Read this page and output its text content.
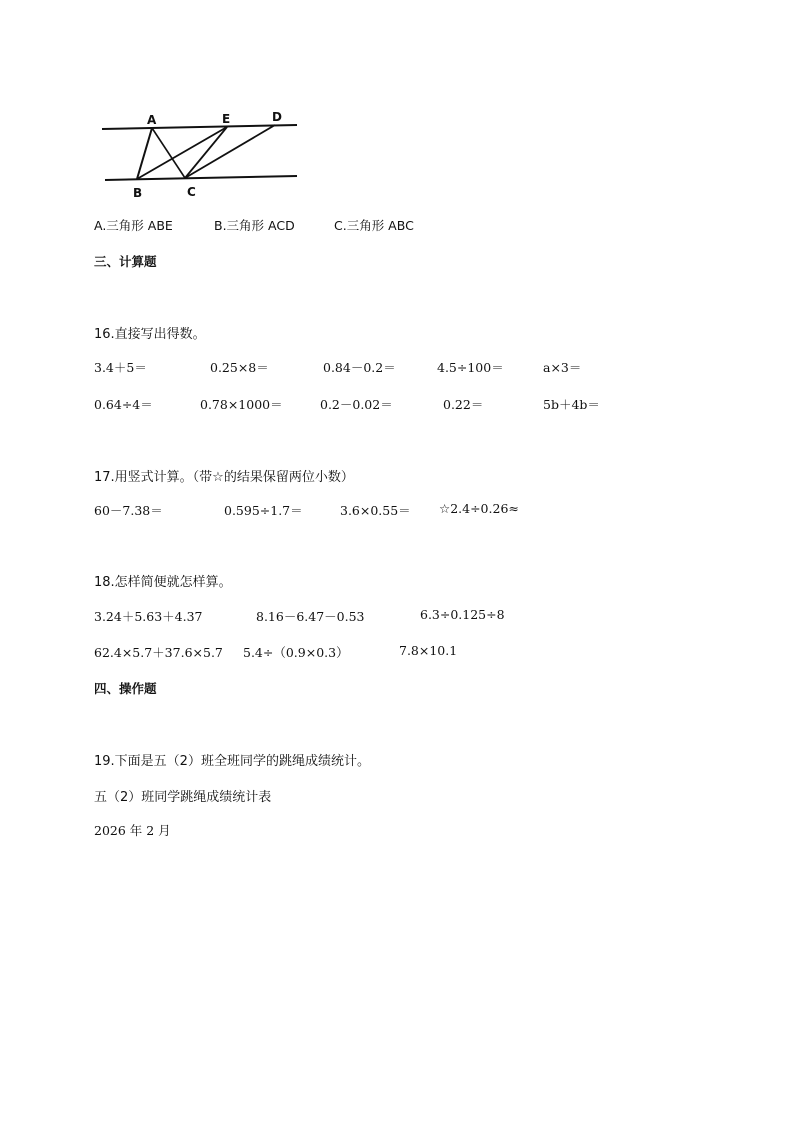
A	E	D
B	C
A.三角形 ABE	B.三角形 ACD	C.三角形 ABC
三、计算题
16.直接写出得数。
3.4＋5＝	0.25×8＝	0.84－0.2＝	4.5÷100＝	a×3＝
0.64÷4＝	0.78×1000＝	0.2－0.02＝	0.22＝	5b＋4b＝
17.用竖式计算。（带☆的结果保留两位小数）
60－7.38＝	0.595÷1.7＝	3.6×0.55＝ ☆2.4÷0.26≈
18.怎样简便就怎样算。
3.24＋5.63＋4.37	8.16－6.47－0.53	6.3÷0.125÷8
62.4×5.7＋37.6×5.7 5.4÷（0.9×0.3）	7.8×10.1
四、操作题
19.下面是五（2）班全班同学的跳绳成绩统计。
五（2）班同学跳绳成绩统计表
2026 年 2 月
